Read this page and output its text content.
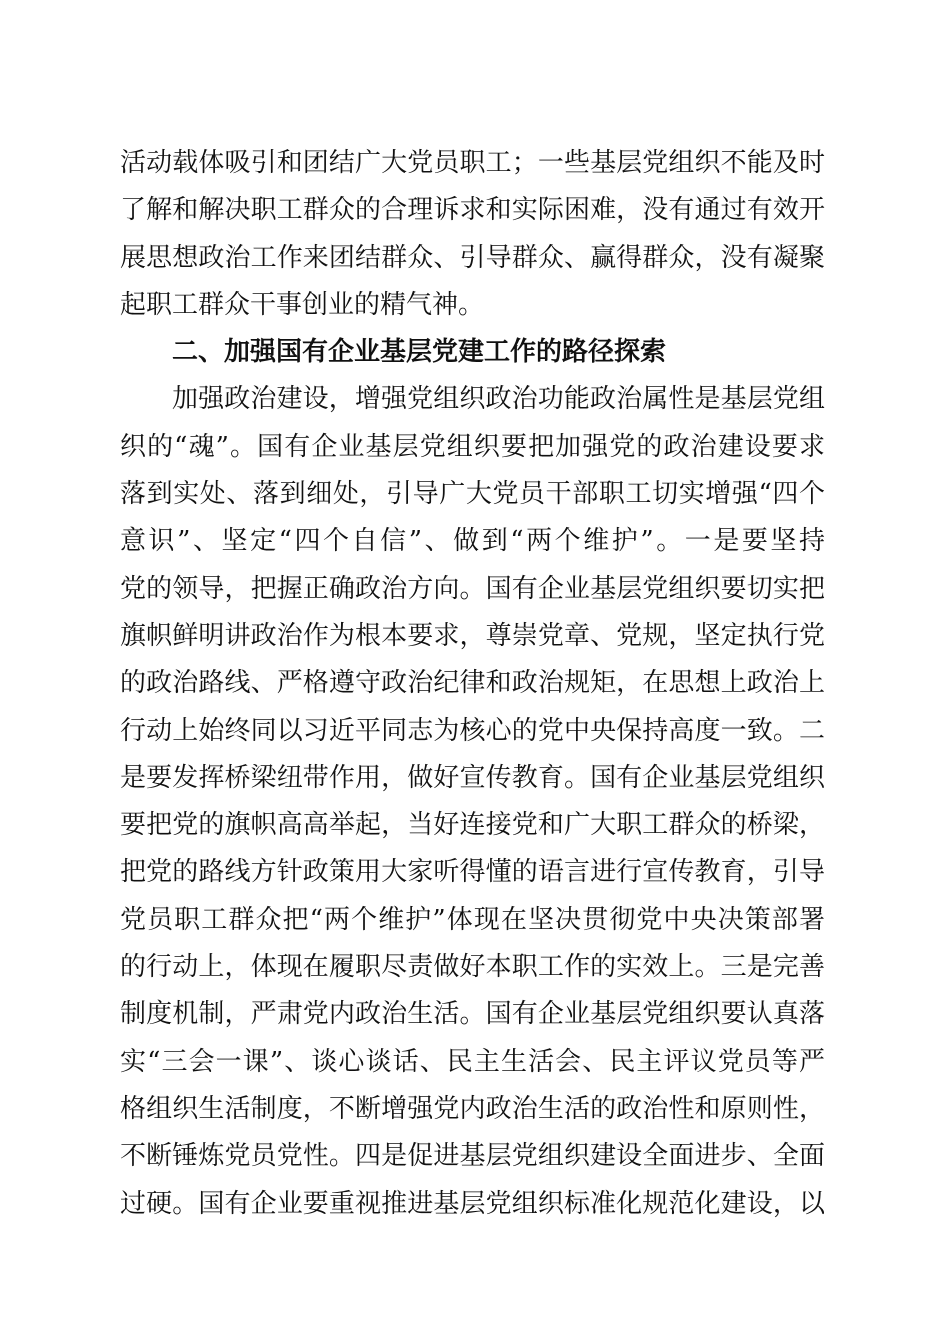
活动载体吸引和团结广大党员职工；一些基层党组织不能及时
了解和解决职工群众的合理诉求和实际困难，没有通过有效开
展思想政治工作来团结群众、引导群众、赢得群众，没有凝聚
起职工群众干事创业的精气神。
二、加强国有企业基层党建工作的路径探索
加强政治建设，增强党组织政治功能政治属性是基层党组
织的“魂”。国有企业基层党组织要把加强党的政治建设要求
落到实处、落到细处，引导广大党员干部职工切实增强“四个
意识”、坚定“四个自信”、做到“两个维护”。一是要坚持
党的领导，把握正确政治方向。国有企业基层党组织要切实把
旗帜鲜明讲政治作为根本要求，尊崇党章、党规，坚定执行党
的政治路线、严格遵守政治纪律和政治规矩，在思想上政治上
行动上始终同以习近平同志为核心的党中央保持高度一致。二
是要发挥桥梁纽带作用，做好宣传教育。国有企业基层党组织
要把党的旗帜高高举起，当好连接党和广大职工群众的桥梁，
把党的路线方针政策用大家听得懂的语言进行宣传教育，引导
党员职工群众把“两个维护”体现在坚决贯彻党中央决策部署
的行动上，体现在履职尽责做好本职工作的实效上。三是完善
制度机制，严肃党内政治生活。国有企业基层党组织要认真落
实“三会一课”、谈心谈话、民主生活会、民主评议党员等严
格组织生活制度，不断增强党内政治生活的政治性和原则性，
不断锤炼党员党性。四是促进基层党组织建设全面进步、全面
过硬。国有企业要重视推进基层党组织标准化规范化建设，以
